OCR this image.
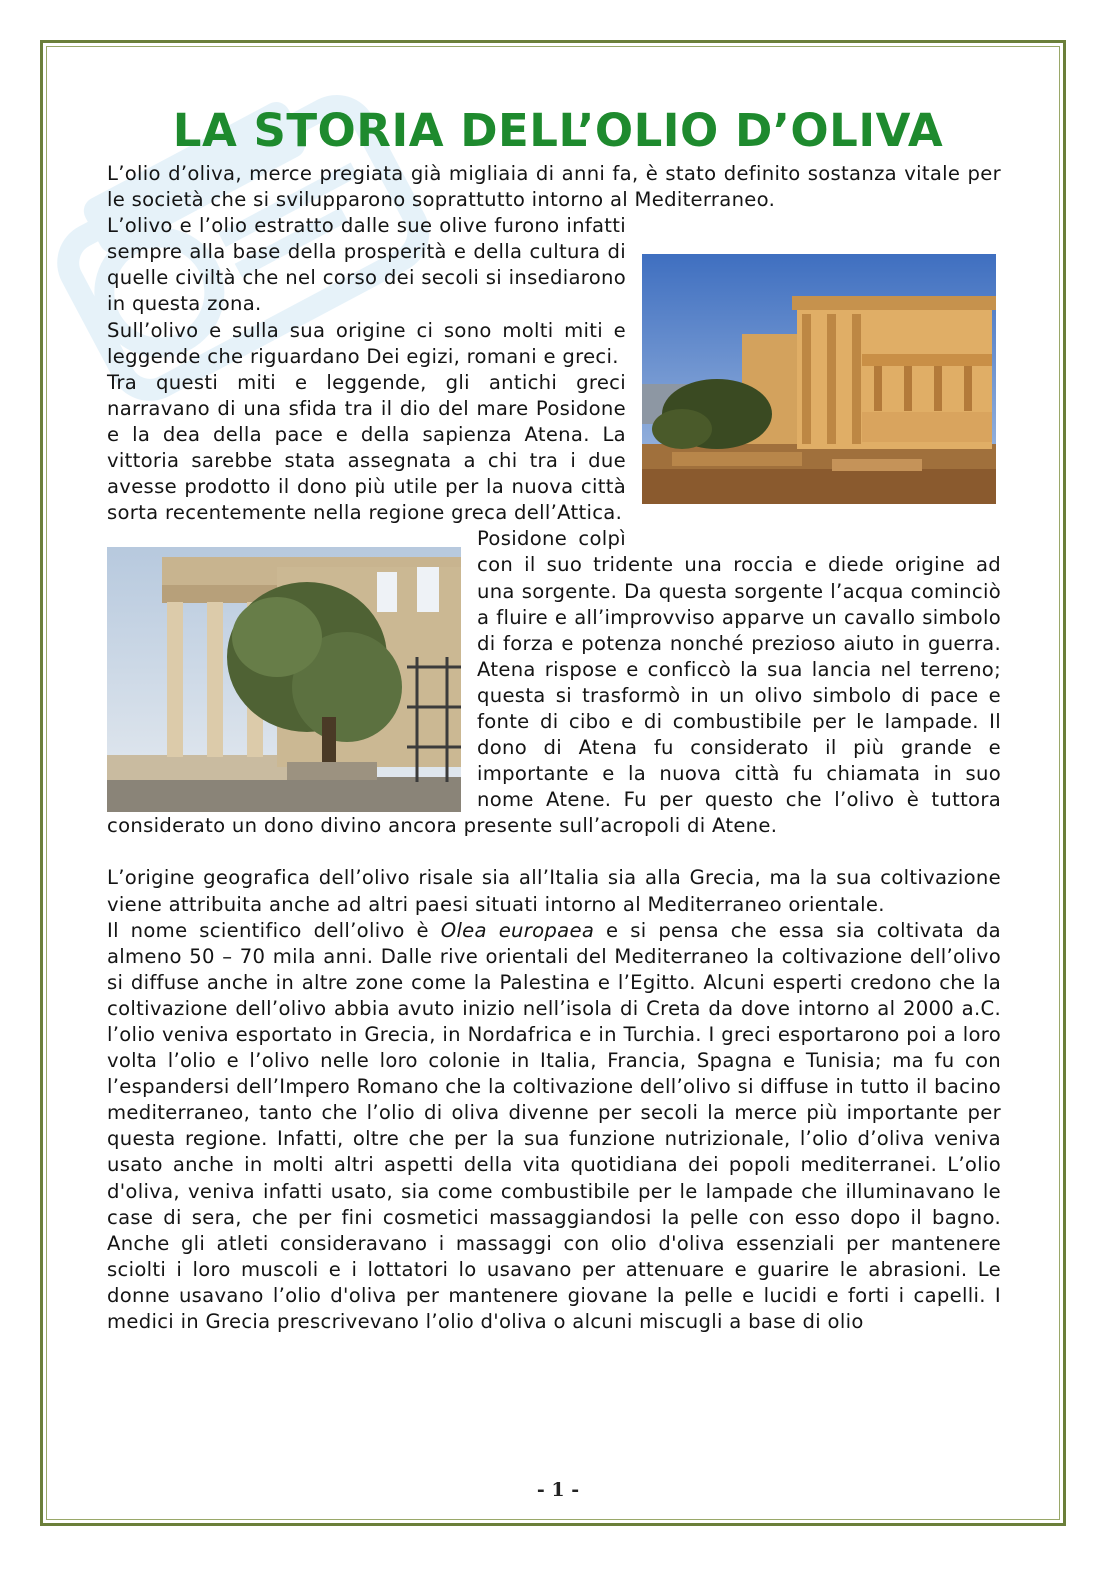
LA STORIA DELL’OLIO D’OLIVA

L’olio d’oliva, merce pregiata già migliaia di anni fa, è stato definito sostanza vitale per le società che si svilupparono soprattutto intorno al Mediterraneo.

L’olivo e l’olio estratto dalle sue olive furono infatti sempre alla base della prosperità e della cultura di quelle civiltà che nel corso dei secoli si insediarono in questa zona.

Sull’olivo e sulla sua origine ci sono molti miti e leggende che riguardano Dei egizi, romani e greci.

Tra questi miti e leggende, gli antichi greci narravano di una sfida tra il dio del mare Posidone e la dea della pace e della sapienza Atena. La vittoria sarebbe stata assegnata a chi tra i due avesse prodotto il dono più utile per la nuova città sorta recentemente nella regione greca dell’Attica.

Posidone colpì con il suo tridente una roccia e diede origine ad una sorgente. Da questa sorgente l’acqua cominciò a fluire e all’improvviso apparve un cavallo simbolo di forza e potenza nonché prezioso aiuto in guerra. Atena rispose e conficcò la sua lancia nel terreno; questa si trasformò in un olivo simbolo di pace e fonte di cibo e di combustibile per le lampade. Il dono di Atena fu considerato il più grande e importante e la nuova città fu chiamata in suo nome Atene. Fu per questo che l’olivo è tuttora considerato un dono divino ancora presente sull’acropoli di Atene.

L’origine geografica dell’olivo risale sia all’Italia sia alla Grecia, ma la sua coltivazione viene attribuita anche ad altri paesi situati intorno al Mediterraneo orientale.

Il nome scientifico dell’olivo è Olea europaea e si pensa che essa sia coltivata da almeno 50 – 70 mila anni. Dalle rive orientali del Mediterraneo la coltivazione dell’olivo si diffuse anche in altre zone come la Palestina e l’Egitto. Alcuni esperti credono che la coltivazione dell’olivo abbia avuto inizio nell’isola di Creta da dove intorno al 2000 a.C. l’olio veniva esportato in Grecia, in Nordafrica e in Turchia. I greci esportarono poi a loro volta l’olio e l’olivo nelle loro colonie in Italia, Francia, Spagna e Tunisia; ma fu con l’espandersi dell’Impero Romano che la coltivazione dell’olivo si diffuse in tutto il bacino mediterraneo, tanto che l’olio di oliva divenne per secoli la merce più importante per questa regione. Infatti, oltre che per la sua funzione nutrizionale, l’olio d’oliva veniva usato anche in molti altri aspetti della vita quotidiana dei popoli mediterranei. L’olio d'oliva, veniva infatti usato, sia come combustibile per le lampade che illuminavano le case di sera, che per fini cosmetici massaggiandosi la pelle con esso dopo il bagno. Anche gli atleti consideravano i massaggi con olio d'oliva essenziali per mantenere sciolti i loro muscoli e i lottatori lo usavano per attenuare e guarire le abrasioni. Le donne usavano l’olio d'oliva per mantenere giovane la pelle e lucidi e forti i capelli. I medici in Grecia prescrivevano l’olio d'oliva o alcuni miscugli a base di olio

- 1 -
